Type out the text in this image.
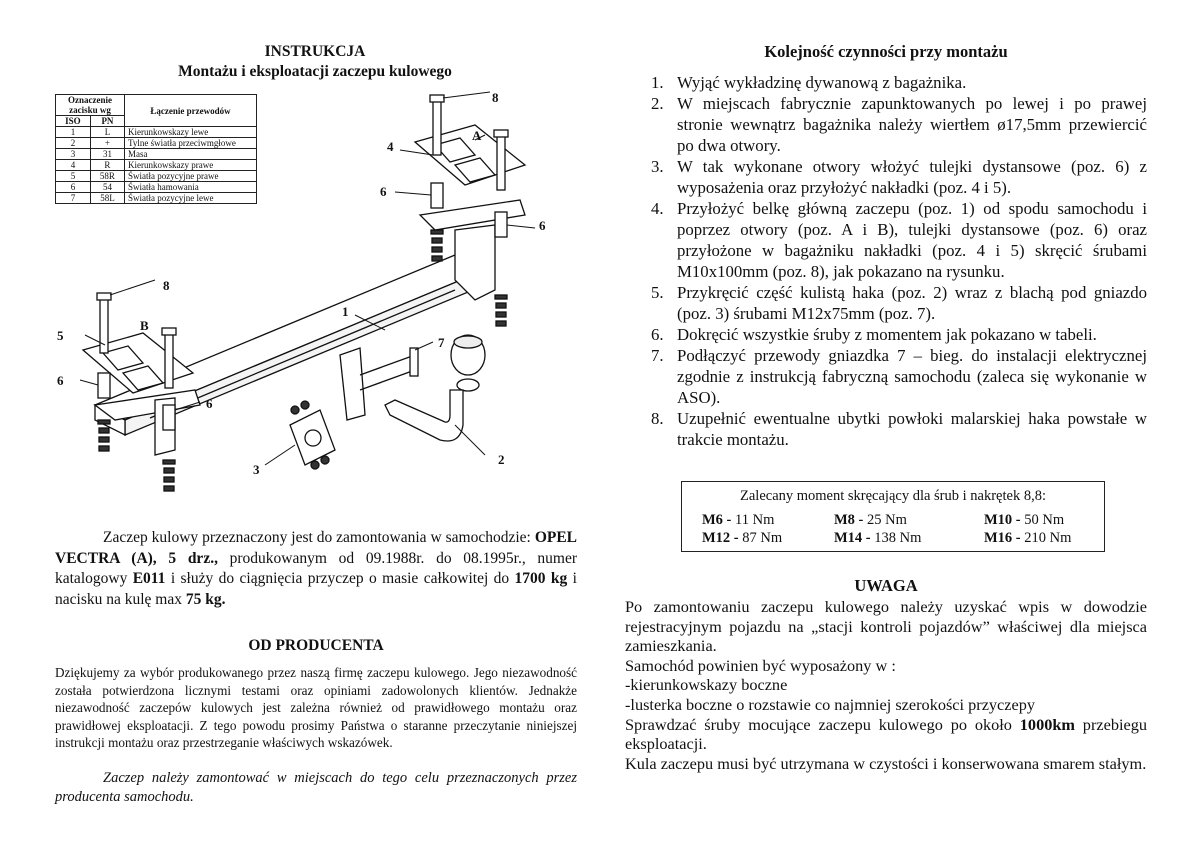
INSTRUKCJA
Montażu i eksploatacji zaczepu kulowego
8
4
A
6
6
8
5
B
1
7
6
6
3
2
Oznaczenie zacisku wg		Łączenie przewodów
ISO	PN	
1	L	Kierunkowskazy lewe
2	+	Tylne światła przeciwmgłowe
3	31	Masa
4	R	Kierunkowskazy prawe
5	58R	Światła pozycyjne prawe
6	54	Światła hamowania
7	58L	Światła pozycyjne lewe
Zaczep kulowy przeznaczony jest do zamontowania w samochodzie: OPEL VECTRA (A), 5 drz., produkowanym od 09.1988r. do 08.1995r., numer katalogowy E011 i służy do ciągnięcia przyczep o masie całkowitej do 1700 kg i nacisku na kulę max 75 kg.
OD PRODUCENTA
Dziękujemy za wybór produkowanego przez naszą firmę zaczepu kulowego. Jego niezawodność została potwierdzona licznymi testami oraz opiniami zadowolonych klientów. Jednakże niezawodność zaczepów kulowych jest zależna również od prawidłowego montażu oraz prawidłowej eksploatacji. Z tego powodu prosimy Państwa o staranne przeczytanie niniejszej instrukcji montażu oraz przestrzeganie właściwych wskazówek.
Zaczep należy zamontować w miejscach do tego celu przeznaczonych przez producenta samochodu.
Kolejność czynności przy montażu
1. Wyjąć wykładzinę dywanową z bagażnika.
2. W miejscach fabrycznie zapunktowanych po lewej i po prawej stronie wewnątrz bagażnika należy wiertłem ø17,5mm przewiercić po dwa otwory.
3. W tak wykonane otwory włożyć tulejki dystansowe (poz. 6) z wyposażenia oraz przyłożyć nakładki (poz. 4 i 5).
4. Przyłożyć belkę główną zaczepu (poz. 1) od spodu samochodu i poprzez otwory (poz. A i B), tulejki dystansowe (poz. 6) oraz przyłożone w bagażniku nakładki (poz. 4 i 5) skręcić śrubami M10x100mm (poz. 8), jak pokazano na rysunku.
5. Przykręcić część kulistą haka (poz. 2) wraz z blachą pod gniazdo (poz. 3) śrubami M12x75mm (poz. 7).
6. Dokręcić wszystkie śruby z momentem jak pokazano w tabeli.
7. Podłączyć przewody gniazdka 7 – bieg. do instalacji elektrycznej zgodnie z instrukcją fabryczną samochodu (zaleca się wykonanie w ASO).
8. Uzupełnić ewentualne ubytki powłoki malarskiej haka powstałe w trakcie montażu.
Zalecany moment skręcający dla śrub i nakrętek 8,8:
M6 - 11 Nm	M8 - 25 Nm	M10 - 50 Nm
M12 - 87 Nm	M14 - 138 Nm	M16 - 210 Nm
UWAGA
Po zamontowaniu zaczepu kulowego należy uzyskać wpis w dowodzie rejestracyjnym pojazdu na „stacji kontroli pojazdów” właściwej dla miejsca zamieszkania.
Samochód powinien być wyposażony w :
-kierunkowskazy boczne
-lusterka boczne o rozstawie co najmniej szerokości przyczepy
Sprawdzać śruby mocujące zaczepu kulowego po około 1000km przebiegu eksploatacji.
Kula zaczepu musi być utrzymana w czystości i konserwowana smarem stałym.
